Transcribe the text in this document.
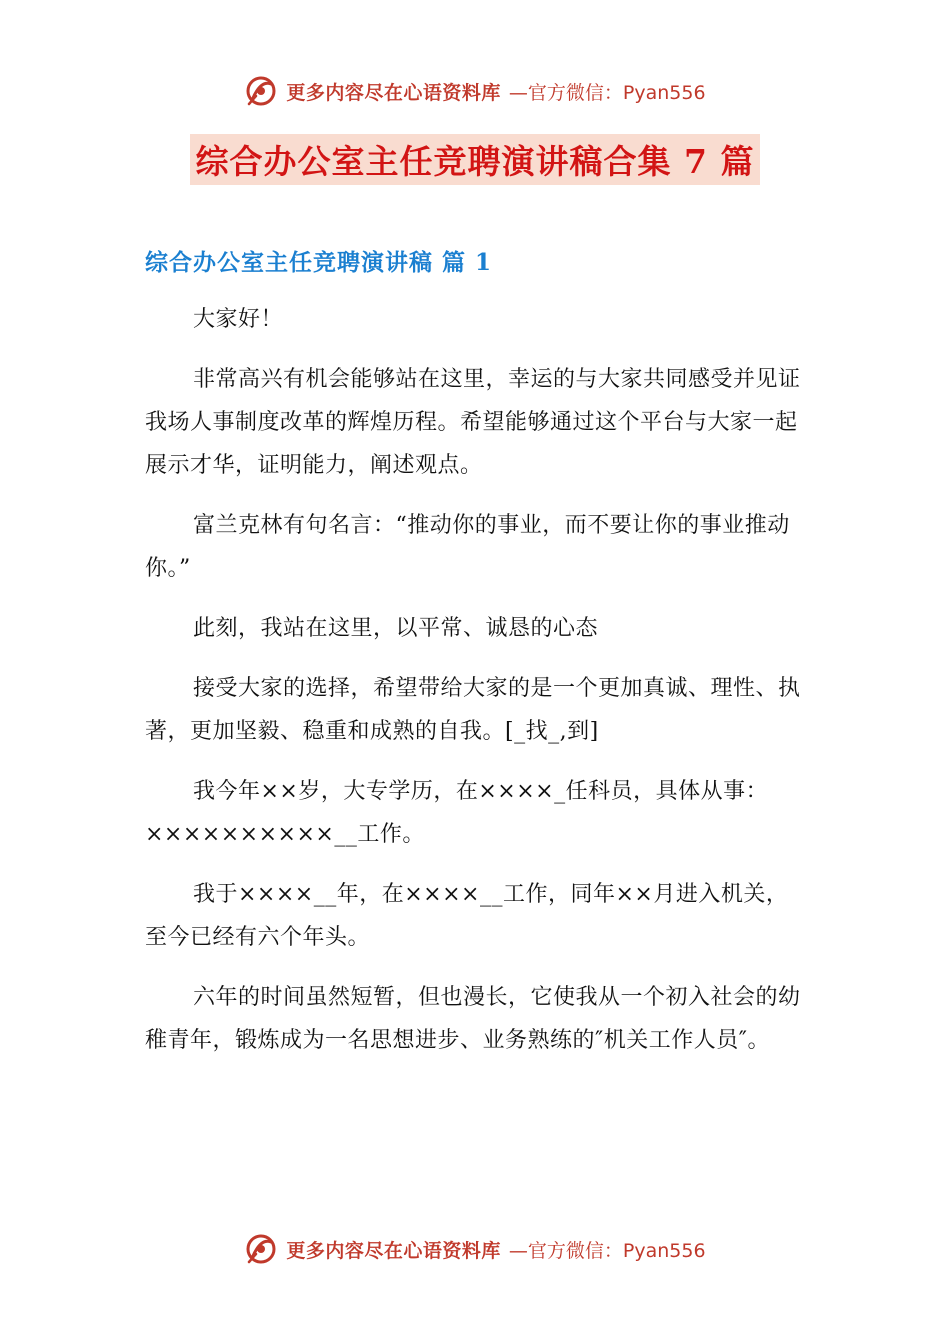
更多内容尽在心语资料库 —官方微信：Pyan556
综合办公室主任竞聘演讲稿合集 7 篇
综合办公室主任竞聘演讲稿 篇 1

大家好！

非常高兴有机会能够站在这里，幸运的与大家共同感受并见证我场人事制度改革的辉煌历程。希望能够通过这个平台与大家一起展示才华，证明能力，阐述观点。

富兰克林有句名言：“推动你的事业，而不要让你的事业推动你。”

此刻，我站在这里，以平常、诚恳的心态

接受大家的选择，希望带给大家的是一个更加真诚、理性、执著，更加坚毅、稳重和成熟的自我。[_找_,到]

我今年××岁，大专学历，在××××_任科员，具体从事：××××××××××__工作。

我于××××__年，在××××__工作，同年××月进入机关，至今已经有六个年头。

六年的时间虽然短暂，但也漫长，它使我从一个初入社会的幼稚青年，锻炼成为一名思想进步、业务熟练的″机关工作人员″。

更多内容尽在心语资料库 —官方微信：Pyan556
